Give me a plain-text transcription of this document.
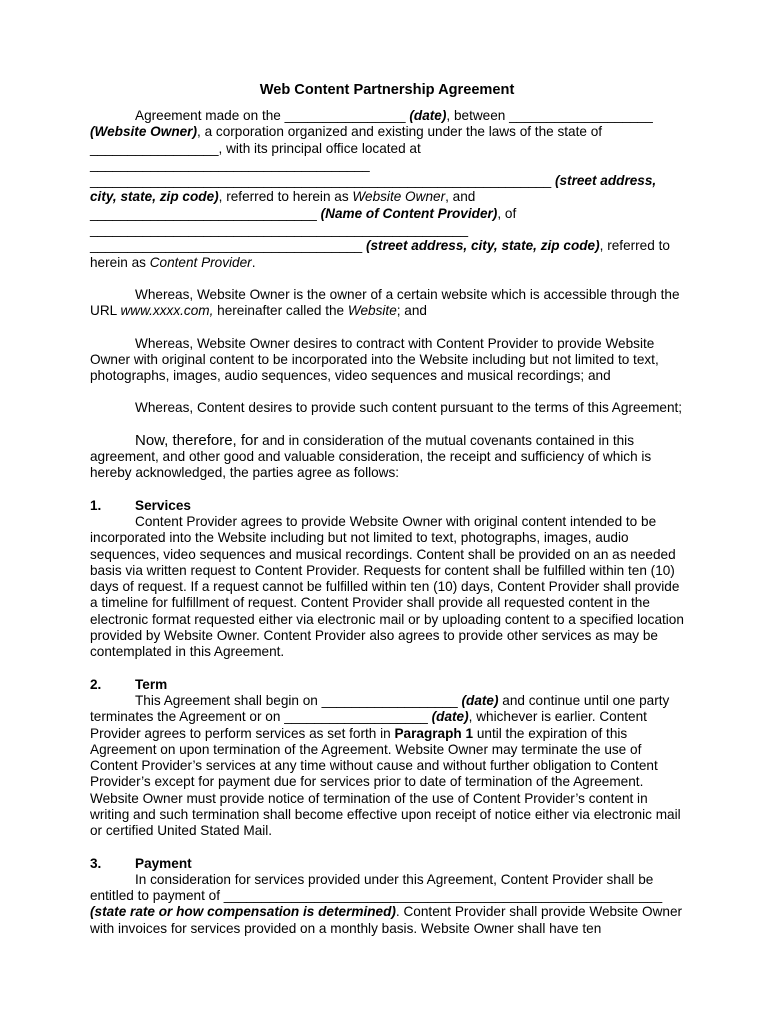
Web Content Partnership Agreement

Agreement made on the ________________ (date), between ___________________ (Website Owner), a corporation organized and existing under the laws of the state of _________________, with its principal office located at _____________________________________ _____________________________________________________________ (street address, city, state, zip code), referred to herein as Website Owner, and ______________________________ (Name of Content Provider), of __________________________________________________ ____________________________________ (street address, city, state, zip code), referred to herein as Content Provider.

Whereas, Website Owner is the owner of a certain website which is accessible through the URL www.xxxx.com, hereinafter called the Website; and

Whereas, Website Owner desires to contract with Content Provider to provide Website Owner with original content to be incorporated into the Website including but not limited to text, photographs, images, audio sequences, video sequences and musical recordings; and

Whereas, Content desires to provide such content pursuant to the terms of this Agreement;

Now, therefore, for and in consideration of the mutual covenants contained in this agreement, and other good and valuable consideration, the receipt and sufficiency of which is hereby acknowledged, the parties agree as follows:

1.	Services

Content Provider agrees to provide Website Owner with original content intended to be incorporated into the Website including but not limited to text, photographs, images, audio sequences, video sequences and musical recordings. Content shall be provided on an as needed basis via written request to Content Provider. Requests for content shall be fulfilled within ten (10) days of request. If a request cannot be fulfilled within ten (10) days, Content Provider shall provide a timeline for fulfillment of request. Content Provider shall provide all requested content in the electronic format requested either via electronic mail or by uploading content to a specified location provided by Website Owner. Content Provider also agrees to provide other services as may be contemplated in this Agreement.

2.	Term

This Agreement shall begin on __________________ (date) and continue until one party terminates the Agreement or on ___________________ (date), whichever is earlier. Content Provider agrees to perform services as set forth in Paragraph 1 until the expiration of this Agreement on upon termination of the Agreement. Website Owner may terminate the use of Content Provider’s services at any time without cause and without further obligation to Content Provider’s except for payment due for services prior to date of termination of the Agreement. Website Owner must provide notice of termination of the use of Content Provider’s content in writing and such termination shall become effective upon receipt of notice either via electronic mail or certified United Stated Mail.

3.	Payment

In consideration for services provided under this Agreement, Content Provider shall be entitled to payment of __________________________________________________________ (state rate or how compensation is determined). Content Provider shall provide Website Owner with invoices for services provided on a monthly basis. Website Owner shall have ten
